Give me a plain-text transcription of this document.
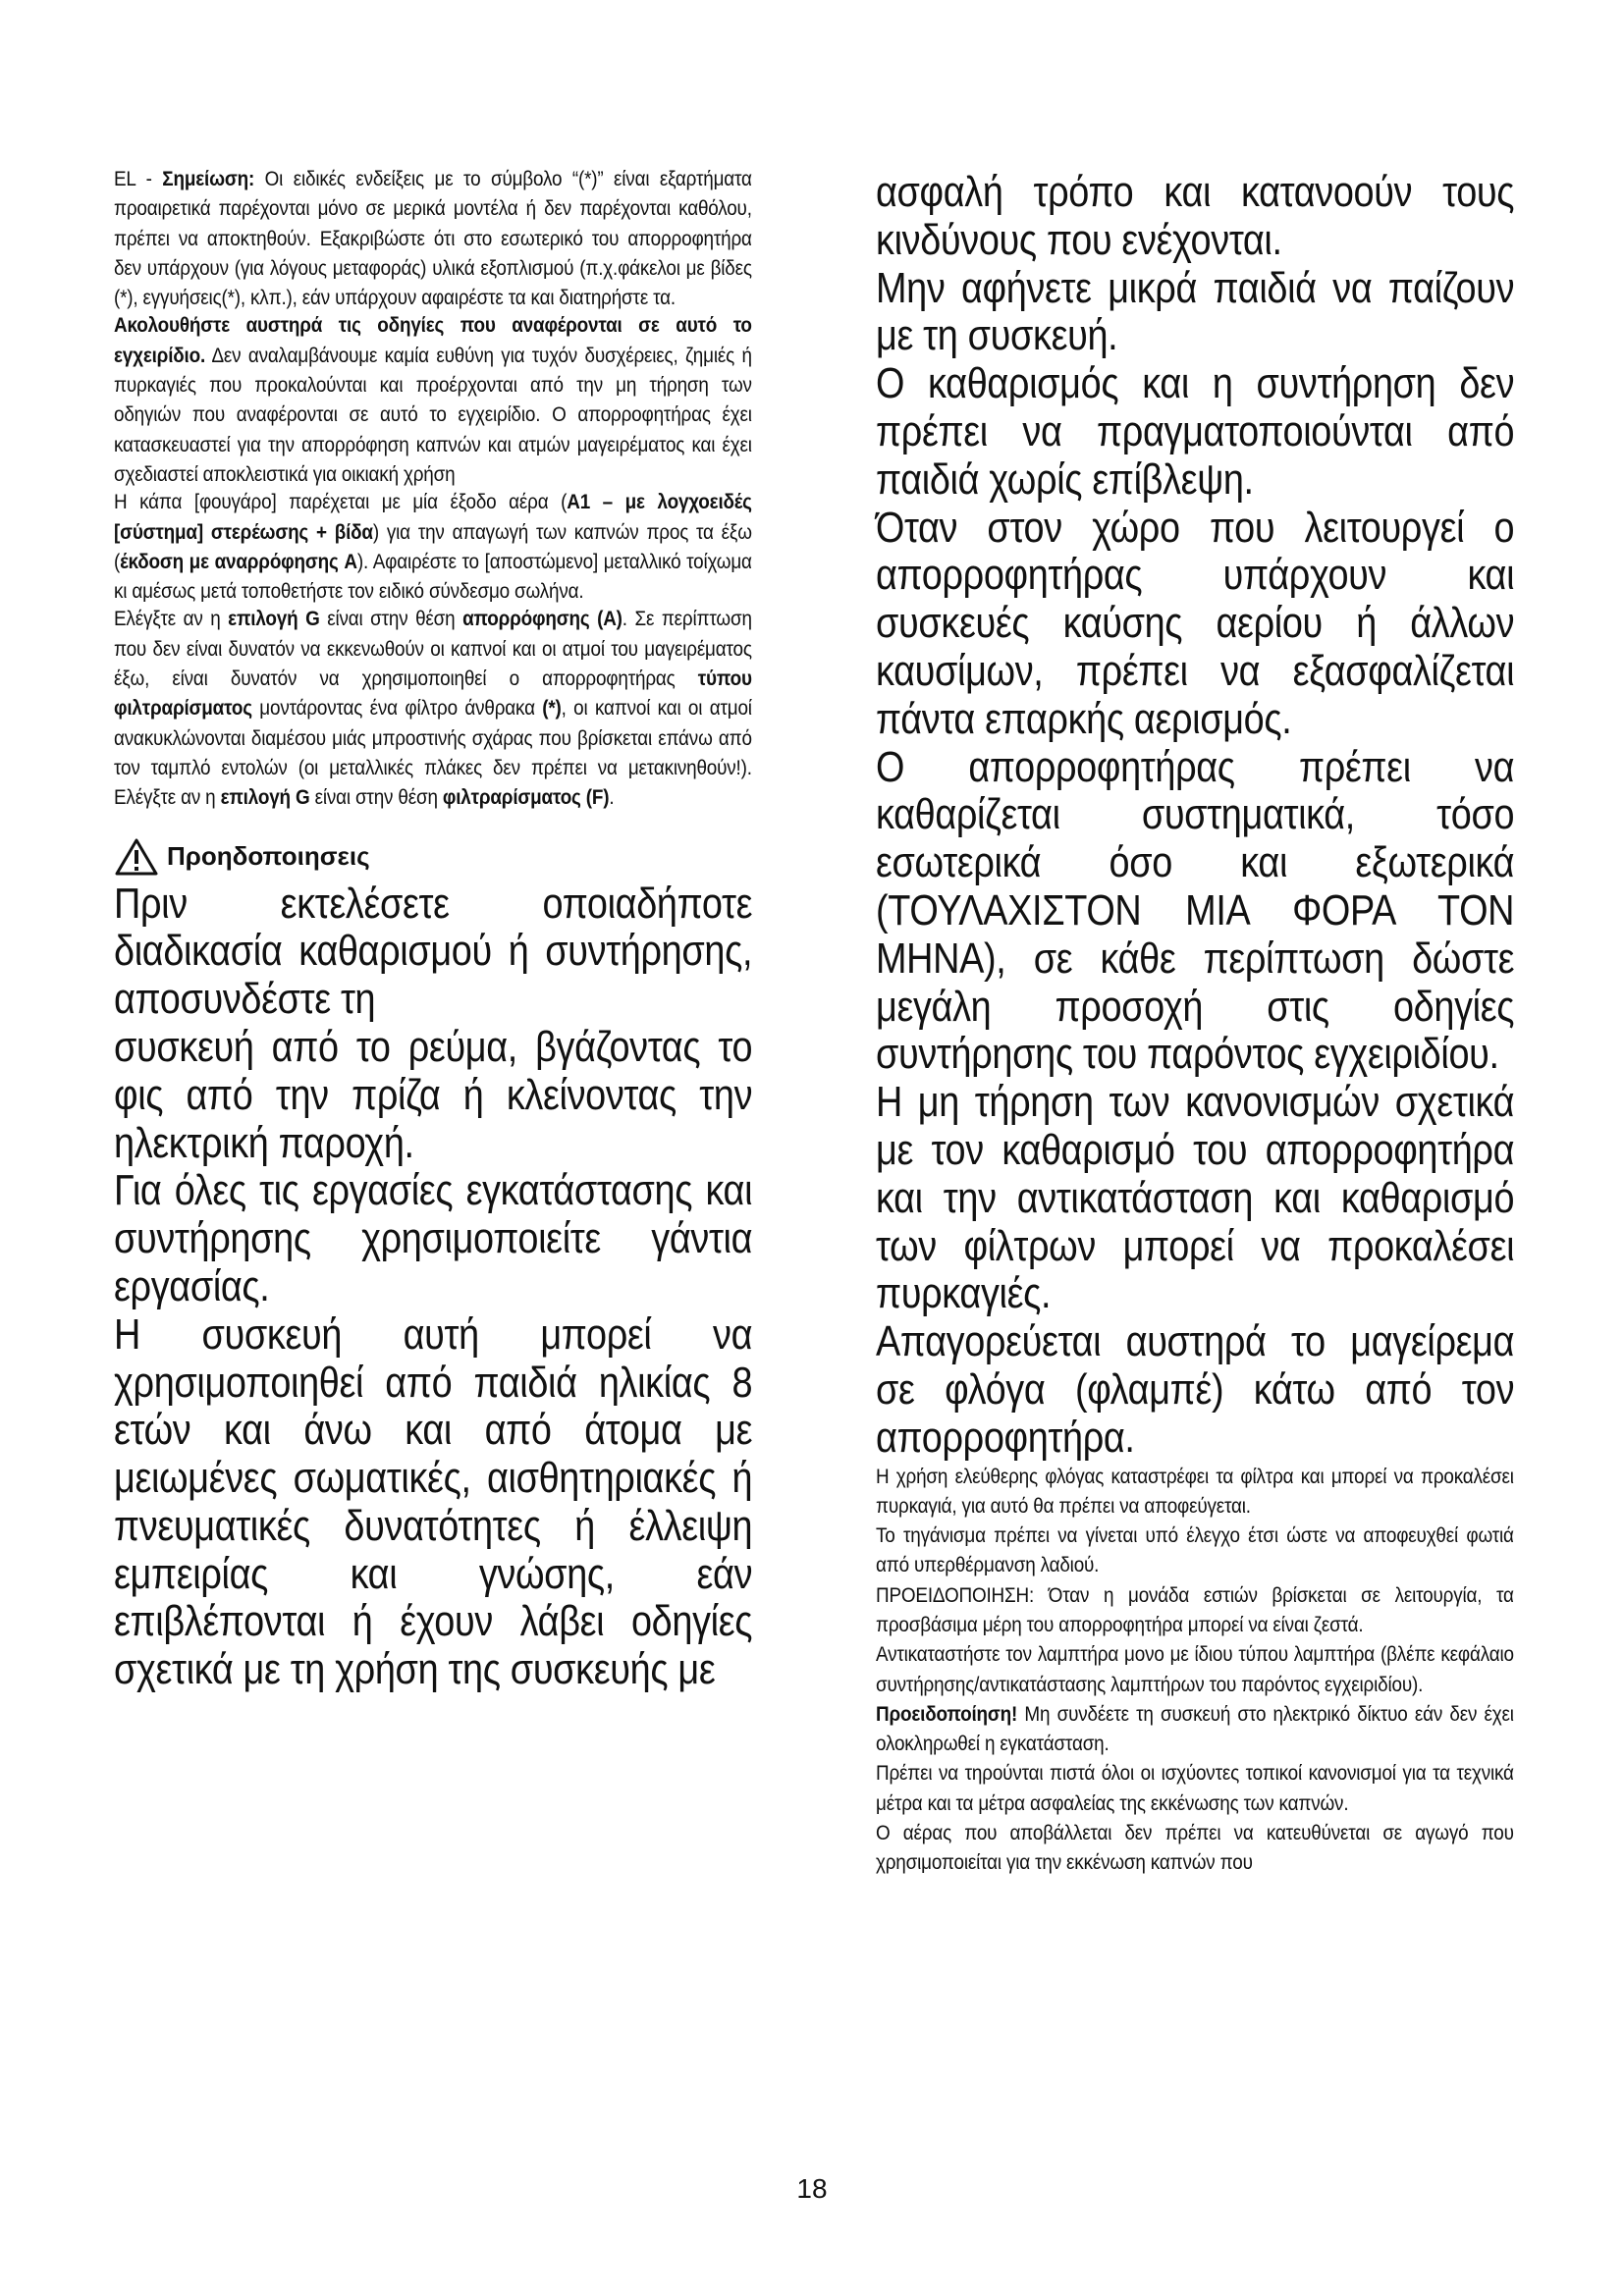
EL - Σημείωση: Οι ειδικές ενδείξεις με το σύμβολο “(*)” είναι εξαρτήματα προαιρετικά παρέχονται μόνο σε μερικά μοντέλα ή δεν παρέχονται καθόλου, πρέπει να αποκτηθούν. Εξακριβώστε ότι στο εσωτερικό του απορροφητήρα δεν υπάρχουν (για λόγους μεταφοράς) υλικά εξοπλισμού (π.χ.φάκελοι με βίδες (*), εγγυήσεις(*), κλπ.), εάν υπάρχουν αφαιρέστε τα και διατηρήστε τα.

Ακολουθήστε αυστηρά τις οδηγίες που αναφέρονται σε αυτό το εγχειρίδιο. Δεν αναλαμβάνουμε καμία ευθύνη για τυχόν δυσχέρειες, ζημιές ή πυρκαγιές που προκαλούνται και προέρχονται από την μη τήρηση των οδηγιών που αναφέρονται σε αυτό το εγχειρίδιο. Ο απορροφητήρας έχει κατασκευαστεί για την απορρόφηση καπνών και ατμών μαγειρέματος και έχει σχεδιαστεί αποκλειστικά για οικιακή χρήση

Η κάπα [φουγάρο] παρέχεται με μία έξοδο αέρα (A1 – με λογχοειδές [σύστημα] στερέωσης + βίδα) για την απαγωγή των καπνών προς τα έξω (έκδοση με αναρρόφησης A). Αφαιρέστε το [αποστώμενο] μεταλλικό τοίχωμα κι αμέσως μετά τοποθετήστε τον ειδικό σύνδεσμο σωλήνα.

Ελέγξτε αν η επιλογή G είναι στην θέση απορρόφησης (A). Σε περίπτωση που δεν είναι δυνατόν να εκκενωθούν οι καπνοί και οι ατμοί του μαγειρέματος έξω, είναι δυνατόν να χρησιμοποιηθεί ο απορροφητήρας τύπου φιλτραρίσματος μοντάροντας ένα φίλτρο άνθρακα (*), οι καπνοί και οι ατμοί ανακυκλώνονται διαμέσου μιάς μπροστινής σχάρας που βρίσκεται επάνω από τον ταμπλό εντολών (οι μεταλλικές πλάκες δεν πρέπει να μετακινηθούν!). Ελέγξτε αν η επιλογή G είναι στην θέση φιλτραρίσματος (F).

Προηδοποιησεις

Πριν εκτελέσετε οποιαδήποτε διαδικασία καθαρισμού ή συντήρησης, αποσυνδέστε τη

συσκευή από το ρεύμα, βγάζοντας το φις από την πρίζα ή κλείνοντας την ηλεκτρική παροχή.

Για όλες τις εργασίες εγκατάστασης και συντήρησης χρησιμοποιείτε γάντια εργασίας.

Η συσκευή αυτή μπορεί να χρησιμοποιηθεί από παιδιά ηλικίας 8 ετών και άνω και από άτομα με μειωμένες σωματικές, αισθητηριακές ή πνευματικές δυνατότητες ή έλλειψη εμπειρίας και γνώσης, εάν επιβλέπονται ή έχουν λάβει οδηγίες σχετικά με τη χρήση της συσκευής με

ασφαλή τρόπο και κατανοούν τους κινδύνους που ενέχονται.

Μην αφήνετε μικρά παιδιά να παίζουν με τη συσκευή.

Ο καθαρισμός και η συντήρηση δεν πρέπει να πραγματοποιούνται από παιδιά χωρίς επίβλεψη.

Όταν στον χώρο που λειτουργεί ο απορροφητήρας υπάρχουν και συσκευές καύσης αερίου ή άλλων καυσίμων, πρέπει να εξασφαλίζεται πάντα επαρκής αερισμός.

Ο απορροφητήρας πρέπει να καθαρίζεται συστηματικά, τόσο εσωτερικά όσο και εξωτερικά (ΤΟΥΛΑΧΙΣΤΟΝ ΜΙΑ ΦΟΡΑ ΤΟΝ ΜΗΝΑ), σε κάθε περίπτωση δώστε μεγάλη προσοχή στις οδηγίες συντήρησης του παρόντος εγχειριδίου.

Η μη τήρηση των κανονισμών σχετικά με τον καθαρισμό του απορροφητήρα και την αντικατάσταση και καθαρισμό των φίλτρων μπορεί να προκαλέσει πυρκαγιές.

Απαγορεύεται αυστηρά το μαγείρεμα σε φλόγα (φλαμπέ) κάτω από τον απορροφητήρα.

Η χρήση ελεύθερης φλόγας καταστρέφει τα φίλτρα και μπορεί να προκαλέσει πυρκαγιά, για αυτό θα πρέπει να αποφεύγεται.

Το τηγάνισμα πρέπει να γίνεται υπό έλεγχο έτσι ώστε να αποφευχθεί φωτιά από υπερθέρμανση λαδιού.

ΠΡΟΕΙΔΟΠΟΙΗΣΗ: Όταν η μονάδα εστιών βρίσκεται σε λειτουργία, τα προσβάσιμα μέρη του απορροφητήρα μπορεί να είναι ζεστά.

Αντικαταστήστε τον λαμπτήρα μονο με ίδιου τύπου λαμπτήρα (βλέπε κεφάλαιο συντήρησης/αντικατάστασης λαμπτήρων του παρόντος εγχειριδίου).

Προειδοποίηση! Μη συνδέετε τη συσκευή στο ηλεκτρικό δίκτυο εάν δεν έχει ολοκληρωθεί η εγκατάσταση.

Πρέπει να τηρούνται πιστά όλοι οι ισχύοντες τοπικοί κανονισμοί για τα τεχνικά μέτρα και τα μέτρα ασφαλείας της εκκένωσης των καπνών.

Ο αέρας που αποβάλλεται δεν πρέπει να κατευθύνεται σε αγωγό που χρησιμοποιείται για την εκκένωση καπνών που

18
